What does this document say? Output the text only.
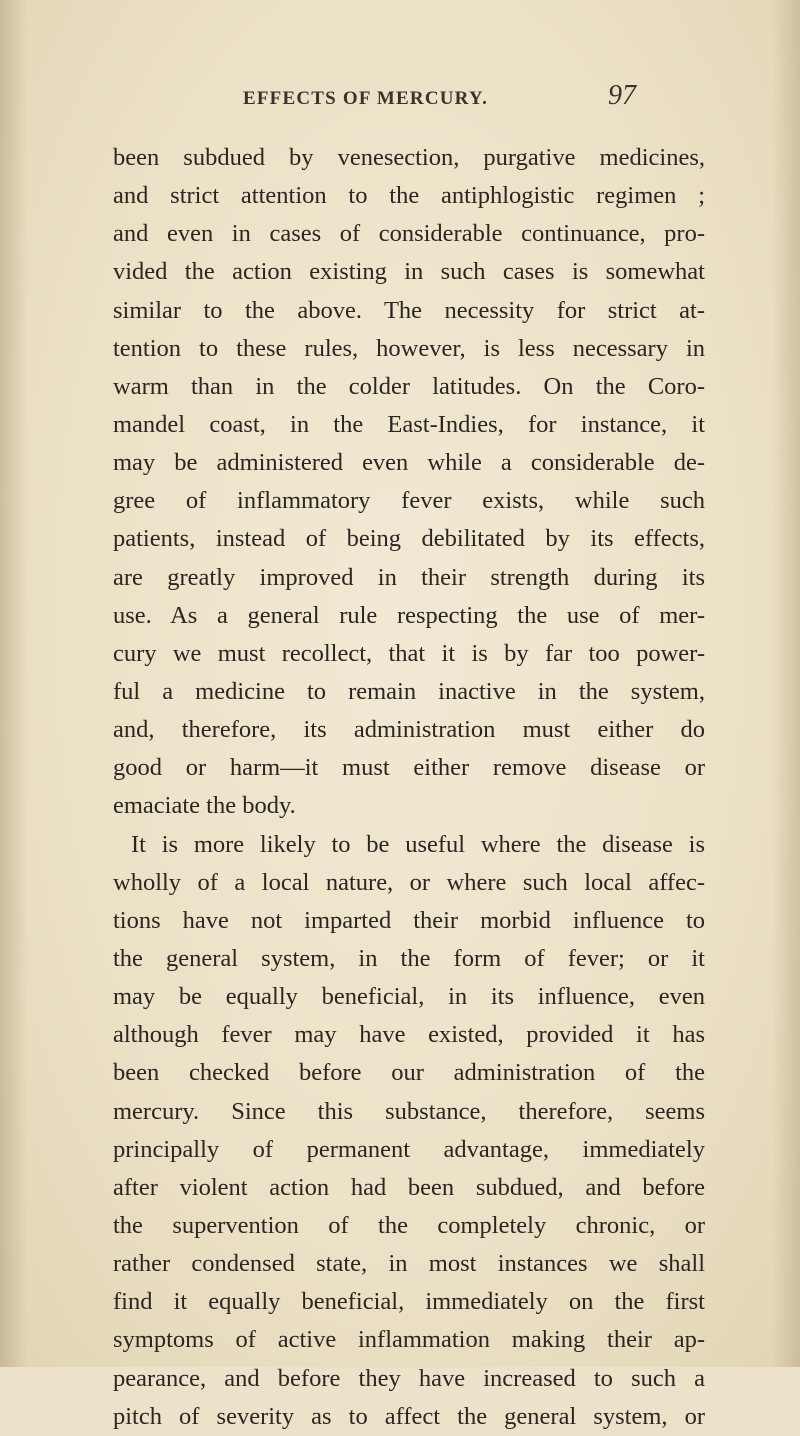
EFFECTS OF MERCURY.	97
been subdued by venesection, purgative medicines,
and strict attention to the antiphlogistic regimen ;
and even in cases of considerable continuance, pro-
vided the action existing in such cases is somewhat
similar to the above. The necessity for strict at-
tention to these rules, however, is less necessary in
warm than in the colder latitudes. On the Coro-
mandel coast, in the East-Indies, for instance, it
may be administered even while a considerable de-
gree of inflammatory fever exists, while such
patients, instead of being debilitated by its effects,
are greatly improved in their strength during its
use. As a general rule respecting the use of mer-
cury we must recollect, that it is by far too power-
ful a medicine to remain inactive in the system,
and, therefore, its administration must either do
good or harm—it must either remove disease or
emaciate the body.
It is more likely to be useful where the disease is
wholly of a local nature, or where such local affec-
tions have not imparted their morbid influence to
the general system, in the form of fever; or it
may be equally beneficial, in its influence, even
although fever may have existed, provided it has
been checked before our administration of the
mercury. Since this substance, therefore, seems
principally of permanent advantage, immediately
after violent action had been subdued, and before
the supervention of the completely chronic, or
rather condensed state, in most instances we shall
find it equally beneficial, immediately on the first
symptoms of active inflammation making their ap-
pearance, and before they have increased to such a
pitch of severity as to affect the general system, or
